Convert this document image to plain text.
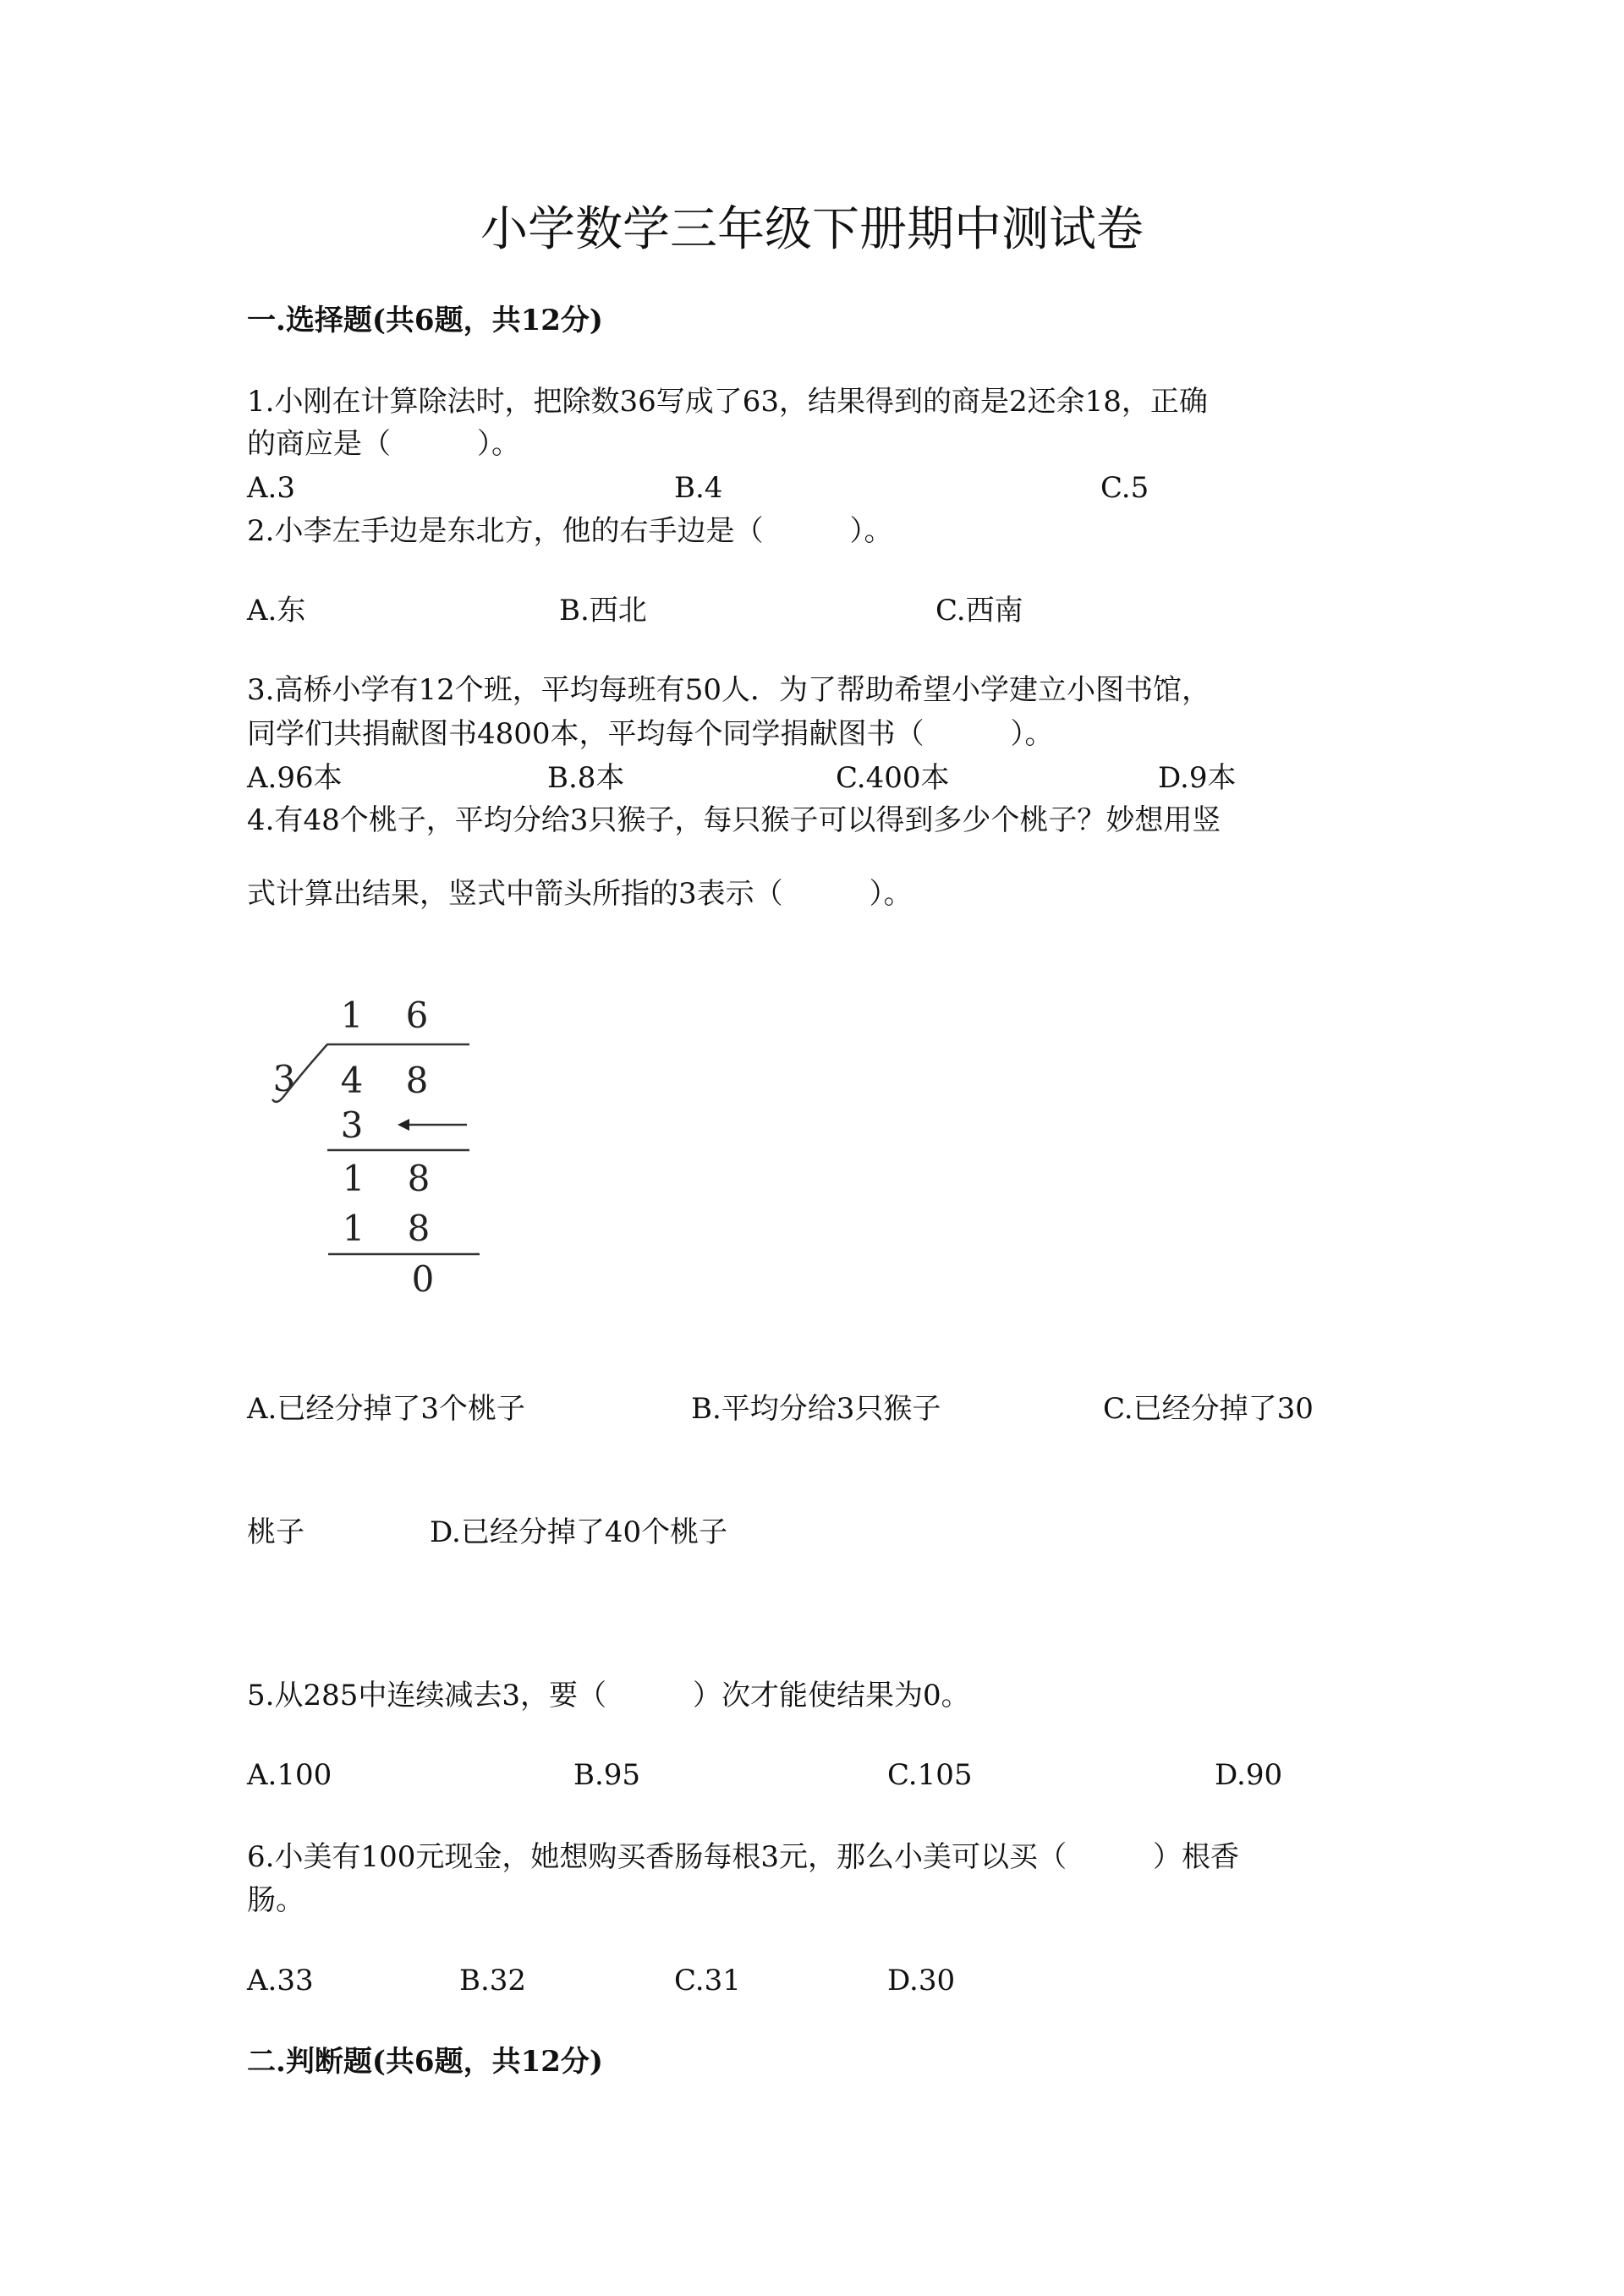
小学数学三年级下册期中测试卷
一.选择题(共6题，共12分)
1.小刚在计算除法时，把除数36写成了63，结果得到的商是2还余18，正确
的商应是（　　　）。
A.3	B.4	C.5
2.小李左手边是东北方，他的右手边是（　　　）。
A.东	B.西北	C.西南
3.高桥小学有12个班，平均每班有50人．为了帮助希望小学建立小图书馆，
同学们共捐献图书4800本，平均每个同学捐献图书（　　　）。
A.96本	B.8本	C.400本	D.9本
4.有48个桃子，平均分给3只猴子，每只猴子可以得到多少个桃子？妙想用竖
式计算出结果，竖式中箭头所指的3表示（　　　）。
1 6
3 4 8
3
1 8
1 8
0
A.已经分掉了3个桃子	B.平均分给3只猴子	C.已经分掉了30
桃子	D.已经分掉了40个桃子
5.从285中连续减去3，要（　　　）次才能使结果为0。
A.100	B.95	C.105	D.90
6.小美有100元现金，她想购买香肠每根3元，那么小美可以买（　　　）根香
肠。
A.33	B.32	C.31	D.30
二.判断题(共6题，共12分)
